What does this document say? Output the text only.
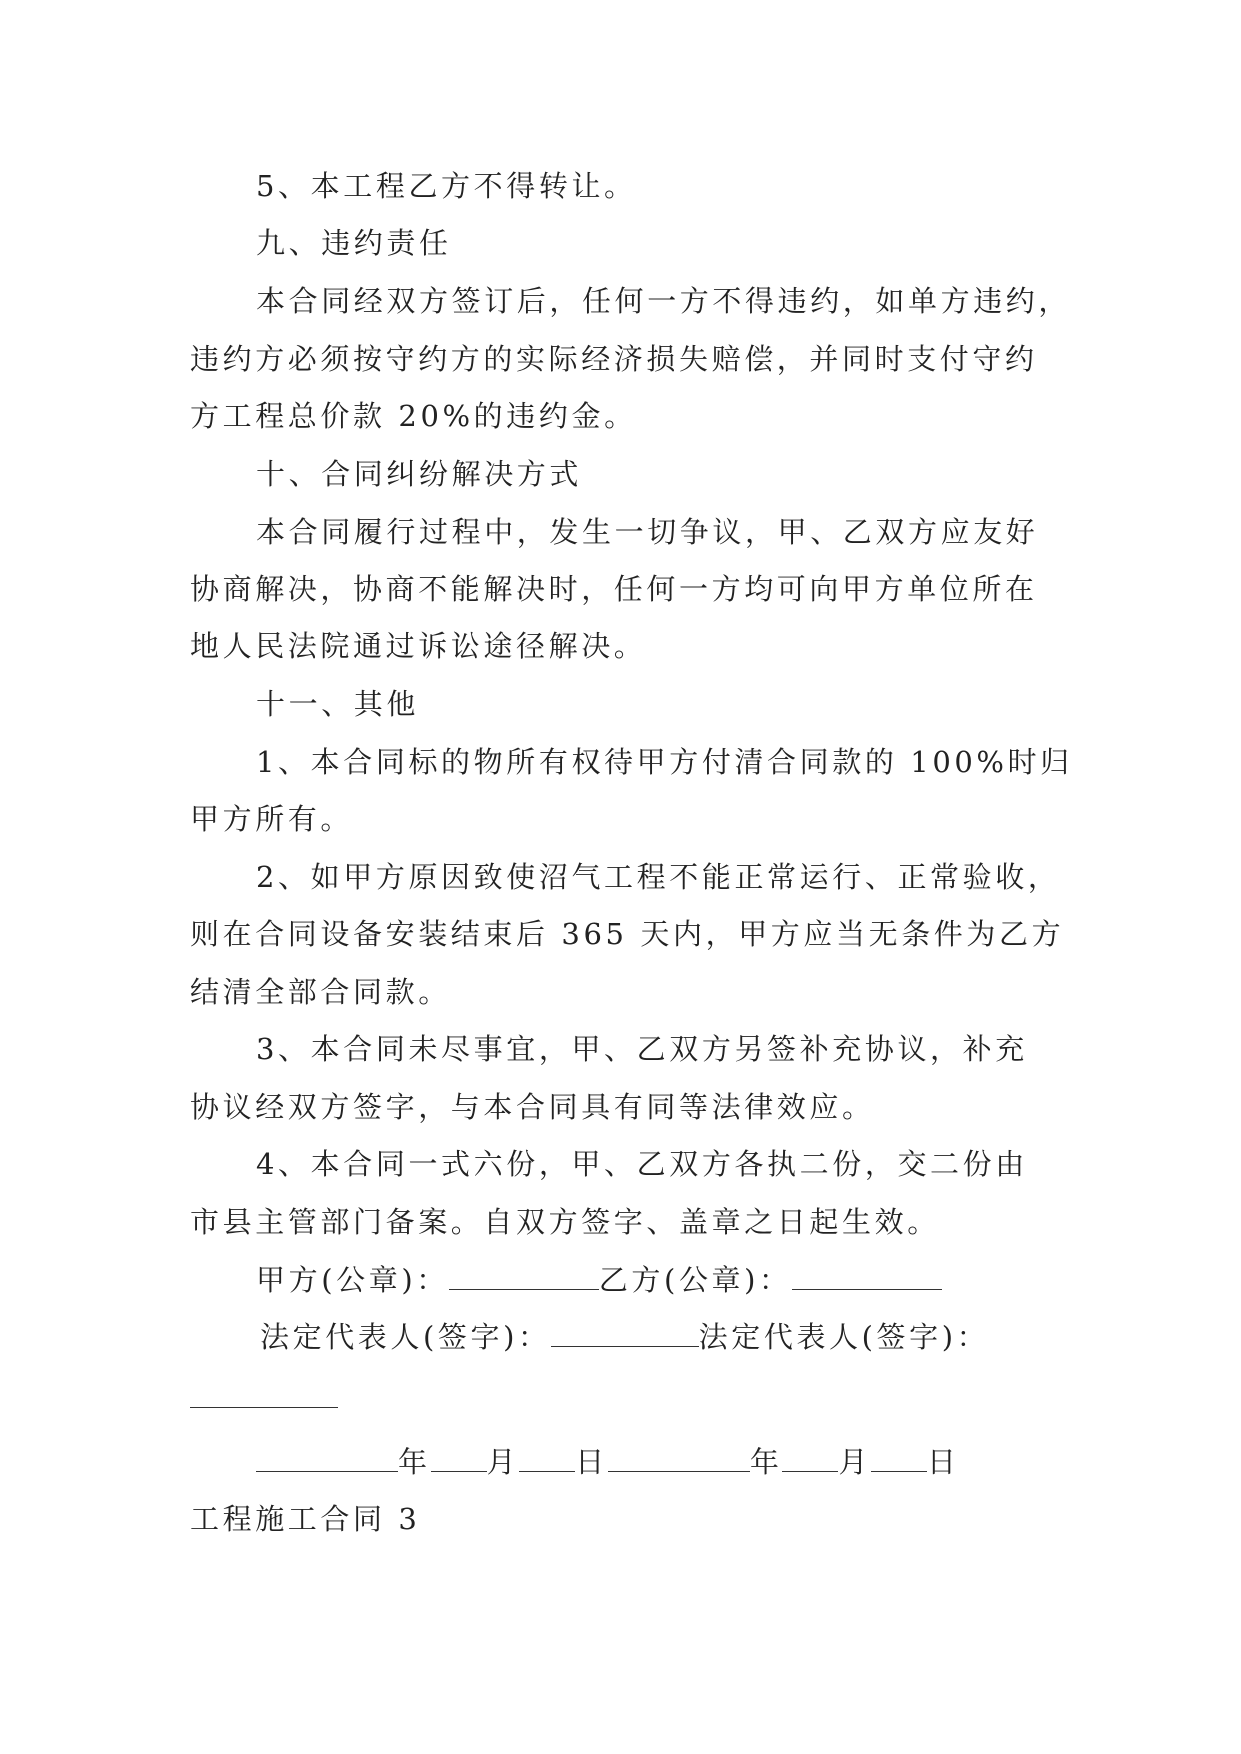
5、本工程乙方不得转让。
九、违约责任
本合同经双方签订后，任何一方不得违约，如单方违约，
违约方必须按守约方的实际经济损失赔偿，并同时支付守约
方工程总价款 20%的违约金。
十、合同纠纷解决方式
本合同履行过程中，发生一切争议，甲、乙双方应友好
协商解决，协商不能解决时，任何一方均可向甲方单位所在
地人民法院通过诉讼途径解决。
十一、其他
1、本合同标的物所有权待甲方付清合同款的 100%时归
甲方所有。
2、如甲方原因致使沼气工程不能正常运行、正常验收，
则在合同设备安装结束后 365 天内，甲方应当无条件为乙方
结清全部合同款。
3、本合同未尽事宜，甲、乙双方另签补充协议，补充
协议经双方签字，与本合同具有同等法律效应。
4、本合同一式六份，甲、乙双方各执二份，交二份由
市县主管部门备案。自双方签字、盖章之日起生效。
甲方(公章)：	乙方(公章)：
法定代表人(签字)：	法定代表人(签字)：
年 月 日	年 月 日
工程施工合同 3
